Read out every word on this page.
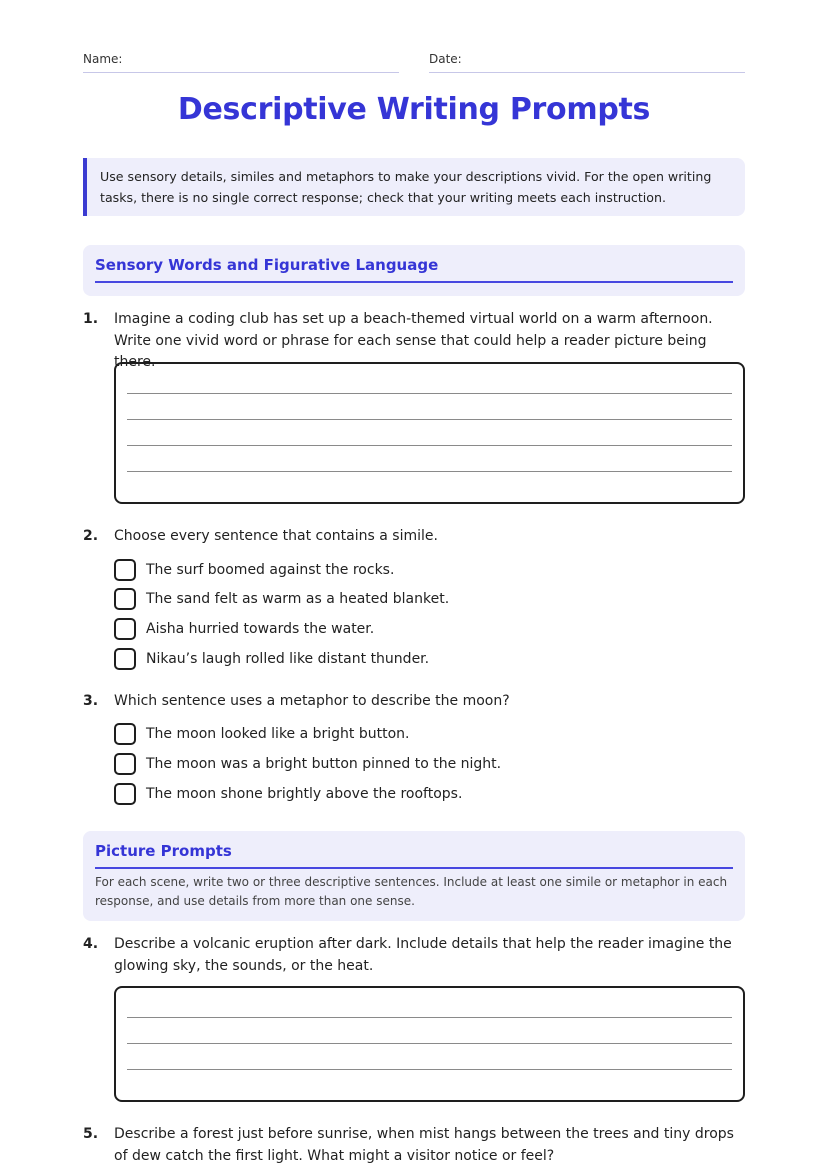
Name:	Date:
Descriptive Writing Prompts
Use sensory details, similes and metaphors to make your descriptions vivid. For the open writing tasks, there is no single correct response; check that your writing meets each instruction.
Sensory Words and Figurative Language
1. Imagine a coding club has set up a beach-themed virtual world on a warm afternoon. Write one vivid word or phrase for each sense that could help a reader picture being there.
2. Choose every sentence that contains a simile.
The surf boomed against the rocks.
The sand felt as warm as a heated blanket.
Aisha hurried towards the water.
Nikau’s laugh rolled like distant thunder.
3. Which sentence uses a metaphor to describe the moon?
The moon looked like a bright button.
The moon was a bright button pinned to the night.
The moon shone brightly above the rooftops.
Picture Prompts
For each scene, write two or three descriptive sentences. Include at least one simile or metaphor in each response, and use details from more than one sense.
4. Describe a volcanic eruption after dark. Include details that help the reader imagine the glowing sky, the sounds, or the heat.
5. Describe a forest just before sunrise, when mist hangs between the trees and tiny drops of dew catch the first light. What might a visitor notice or feel?
